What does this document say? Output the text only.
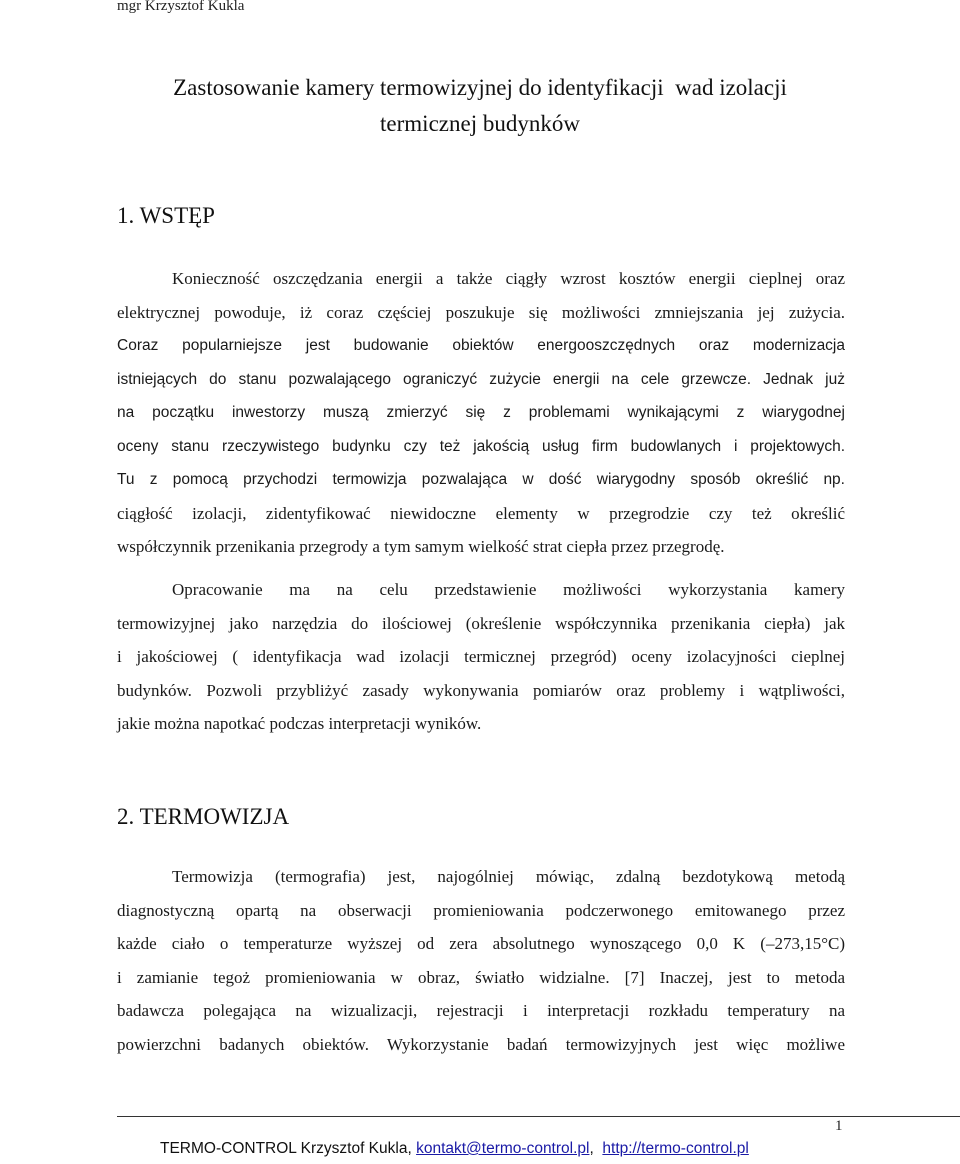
mgr Krzysztof Kukla
Zastosowanie kamery termowizyjnej do identyfikacji  wad izolacji
termicznej budynków
1. WSTĘP

Konieczność oszczędzania energii a także ciągły wzrost kosztów energii cieplnej oraz
elektrycznej powoduje, iż coraz częściej poszukuje się możliwości zmniejszania jej zużycia.
Coraz popularniejsze jest budowanie obiektów energooszczędnych oraz modernizacja
istniejących do stanu pozwalającego ograniczyć zużycie energii na cele grzewcze. Jednak już
na początku inwestorzy muszą zmierzyć się z problemami wynikającymi z wiarygodnej
oceny stanu rzeczywistego budynku czy też jakością usług firm budowlanych i projektowych.
Tu z pomocą przychodzi termowizja pozwalająca w dość wiarygodny sposób określić np.
ciągłość izolacji, zidentyfikować niewidoczne elementy w przegrodzie czy też określić
współczynnik przenikania przegrody a tym samym wielkość strat ciepła przez przegrodę.

Opracowanie ma na celu przedstawienie możliwości wykorzystania kamery
termowizyjnej jako narzędzia do ilościowej (określenie współczynnika przenikania ciepła) jak
i jakościowej ( identyfikacja wad izolacji termicznej przegród) oceny izolacyjności cieplnej
budynków. Pozwoli przybliżyć zasady wykonywania pomiarów oraz problemy i wątpliwości,
jakie można napotkać podczas interpretacji wyników.

2. TERMOWIZJA

Termowizja (termografia) jest, najogólniej mówiąc, zdalną bezdotykową metodą
diagnostyczną opartą na obserwacji promieniowania podczerwonego emitowanego przez
każde ciało o temperaturze wyższej od zera absolutnego wynoszącego 0,0 K (–273,15°C)
i zamianie tegoż promieniowania w obraz, światło widzialne. [7] Inaczej, jest to metoda
badawcza polegająca na wizualizacji, rejestracji i interpretacji rozkładu temperatury na
powierzchni badanych obiektów. Wykorzystanie badań termowizyjnych jest więc możliwe

1
TERMO-CONTROL Krzysztof Kukla, kontakt@termo-control.pl,  http://termo-control.pl
